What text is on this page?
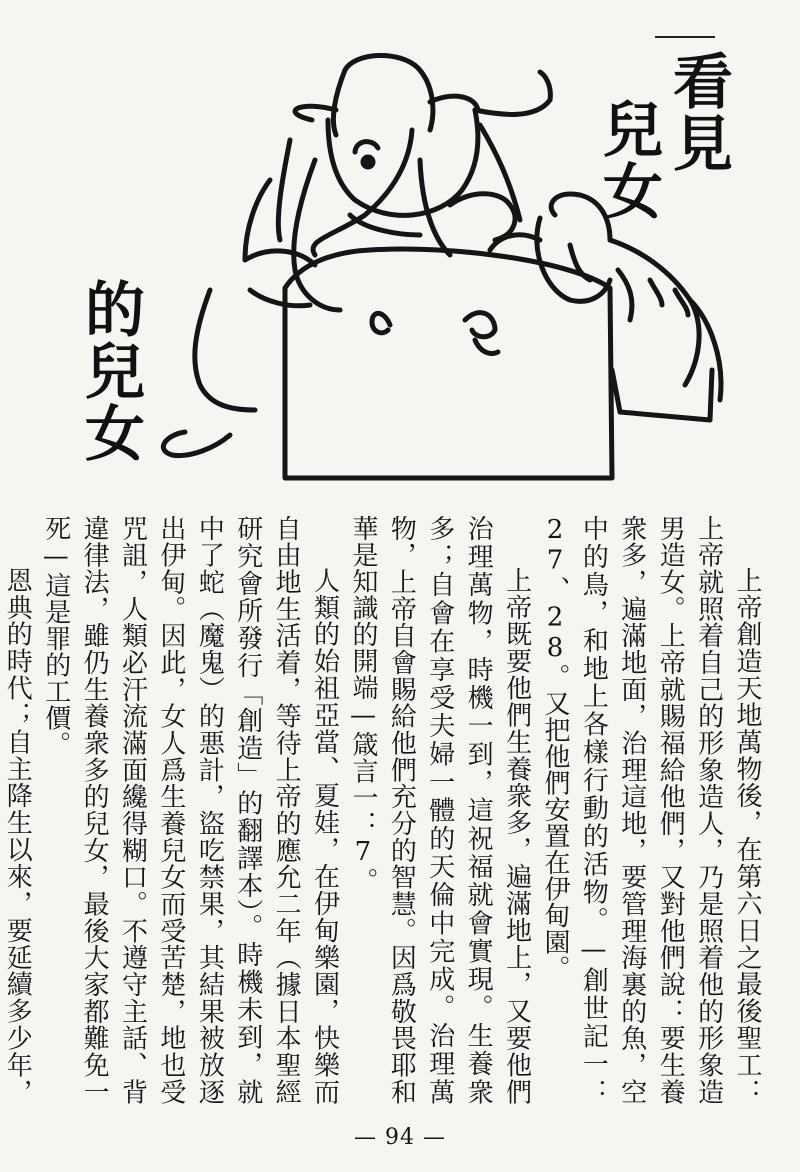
看見
兒女
的兒女

上帝創造天地萬物後，在第六日之最後聖工：上帝就照着自己的形象造人，乃是照着他的形象造男造女。上帝就賜福給他們，又對他們說：要生養衆多，遍滿地面，治理這地，要管理海裏的魚，空中的鳥，和地上各樣行動的活物。—創世記一：27、28。又把他們安置在伊甸園。

上帝既要他們生養衆多，遍滿地上，又要他們治理萬物，時機一到，這祝福就會實現。生養衆多；自會在享受夫婦一體的天倫中完成。治理萬物，上帝自會賜給他們充分的智慧。因爲敬畏耶和華是知識的開端—箴言一：7。

人類的始祖亞當、夏娃，在伊甸樂園，快樂而自由地生活着，等待上帝的應允二年（據日本聖經研究會所發行「創造」的翻譯本）。時機未到，就中了蛇（魔鬼）的悪計，盜吃禁果，其結果被放逐出伊甸。因此，女人爲生養兒女而受苦楚，地也受咒詛，人類必汗流滿面纔得糊口。不遵守主話、背違律法，雖仍生養衆多的兒女，最後大家都難免一死—這是罪的工價。

恩典的時代；自主降生以來，要延續多少年，

— 94 —
